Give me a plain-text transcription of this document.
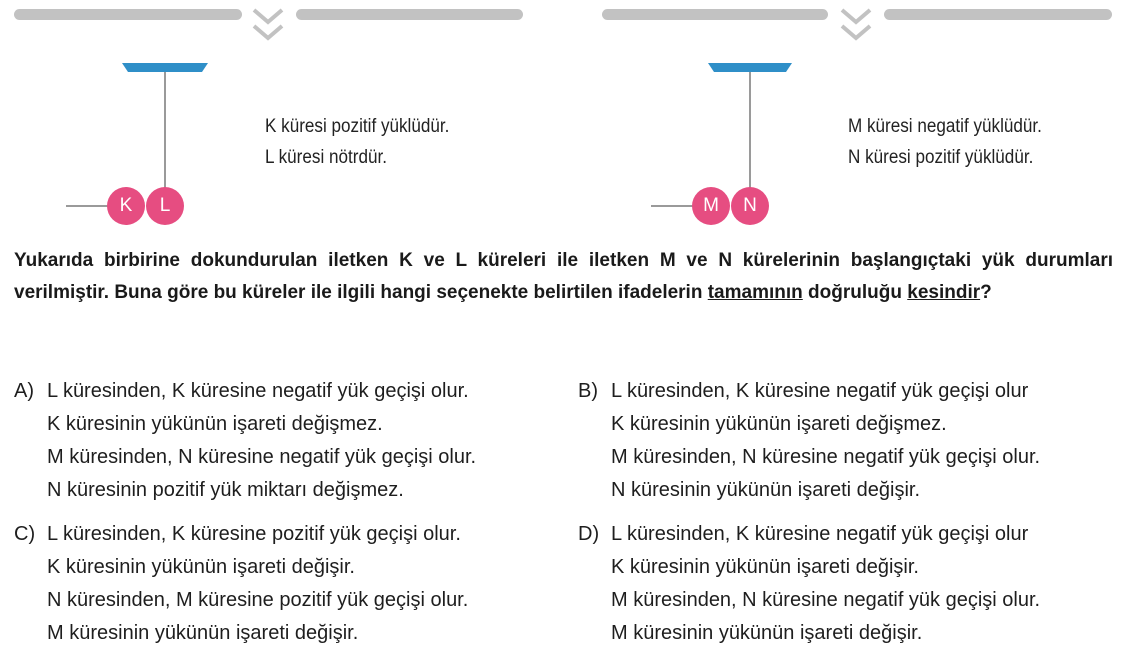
K	L
K küresi pozitif yüklüdür.
L küresi nötrdür.
M	N
M küresi negatif yüklüdür.
N küresi pozitif yüklüdür.
Yukarıda birbirine dokundurulan iletken K ve L küreleri ile iletken M ve N kürelerinin başlangıçtaki yük durumları verilmiştir. Buna göre bu küreler ile ilgili hangi seçenekte belirtilen ifadelerin tamamının doğruluğu kesindir?
A) L küresinden, K küresine negatif yük geçişi olur.
K küresinin yükünün işareti değişmez.
M küresinden, N küresine negatif yük geçişi olur.
N küresinin pozitif yük miktarı değişmez.
B) L küresinden, K küresine negatif yük geçişi olur
K küresinin yükünün işareti değişmez.
M küresinden, N küresine negatif yük geçişi olur.
N küresinin yükünün işareti değişir.
C) L küresinden, K küresine pozitif yük geçişi olur.
K küresinin yükünün işareti değişir.
N küresinden, M küresine pozitif yük geçişi olur.
M küresinin yükünün işareti değişir.
D) L küresinden, K küresine negatif yük geçişi olur
K küresinin yükünün işareti değişir.
M küresinden, N küresine negatif yük geçişi olur.
M küresinin yükünün işareti değişir.
